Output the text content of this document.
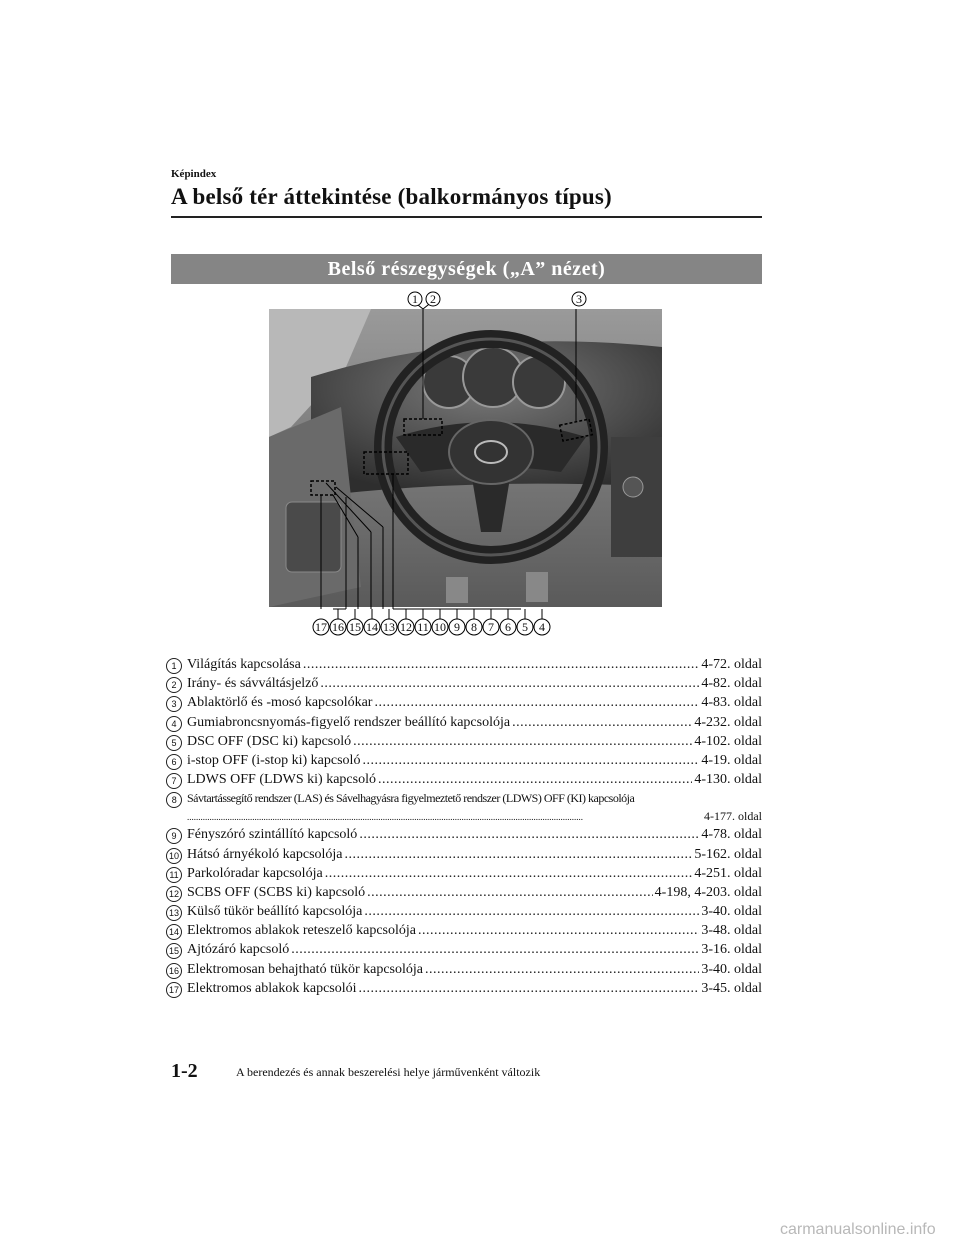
Képindex
A belső tér áttekintése (balkormányos típus)
Belső részegységek („A” nézet)
1 2	3
17 16 15 14 13 12 11 10 9 8 7 6 5 4
1 Világítás kapcsolása .....	4-72. oldal
2 Irány- és sávváltásjelző .....	4-82. oldal
3 Ablaktörlő és -mosó kapcsolókar .....	4-83. oldal
4 Gumiabroncsnyomás-figyelő rendszer beállító kapcsolója .....	4-232. oldal
5 DSC OFF (DSC ki) kapcsoló .....	4-102. oldal
6 i-stop OFF (i-stop ki) kapcsoló .....	4-19. oldal
7 LDWS OFF (LDWS ki) kapcsoló .....	4-130. oldal
8 Sávtartássegítő rendszer (LAS) és Sávelhagyásra figyelmeztető rendszer (LDWS) OFF (KI) kapcsolója
.....
4-177. oldal
9 Fényszóró szintállító kapcsoló .....	4-78. oldal
10 Hátsó árnyékoló kapcsolója .....	5-162. oldal
11 Parkolóradar kapcsolója .....	4-251. oldal
12 SCBS OFF (SCBS ki) kapcsoló .....	4-198, 4-203. oldal
13 Külső tükör beállító kapcsolója .....	3-40. oldal
14 Elektromos ablakok reteszelő kapcsolója .....	3-48. oldal
15 Ajtózáró kapcsoló .....	3-16. oldal
16 Elektromosan behajtható tükör kapcsolója .....	3-40. oldal
17 Elektromos ablakok kapcsolói .....	3-45. oldal
1-2	A berendezés és annak beszerelési helye járművenként változik
carmanualsonline.info
